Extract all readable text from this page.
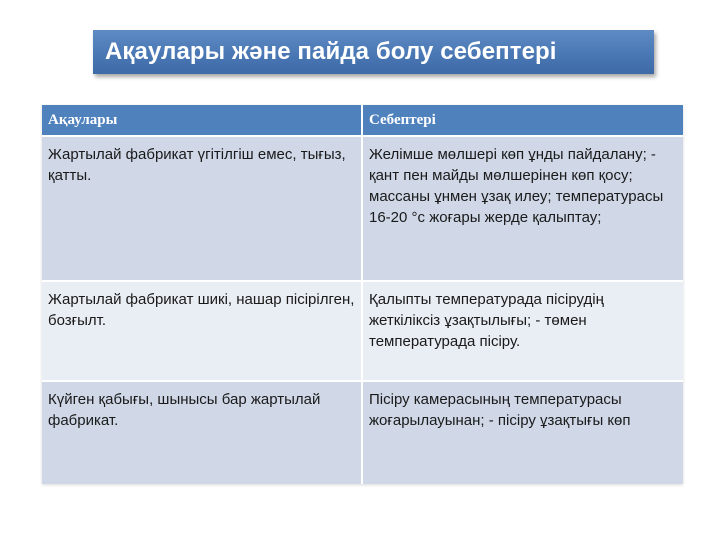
Ақаулары және пайда болу себептері
Ақаулары	Себептері
Жартылай фабрикат үгітілгіш емес, тығыз, қатты.	Желімше мөлшері көп ұнды пайдалану; - қант пен майды мөлшерінен көп қосу; массаны ұнмен ұзақ илеу; температурасы 16-20 °с жоғары жерде қалыптау;
Жартылай фабрикат шикі, нашар пісірілген, бозғылт.	Қалыпты температурада пісірудің жеткіліксіз ұзақтылығы; - төмен температурада пісіру.
Күйген қабығы, шынысы бар жартылай фабрикат.	Пісіру камерасының температурасы жоғарылауынан; - пісіру ұзақтығы көп
